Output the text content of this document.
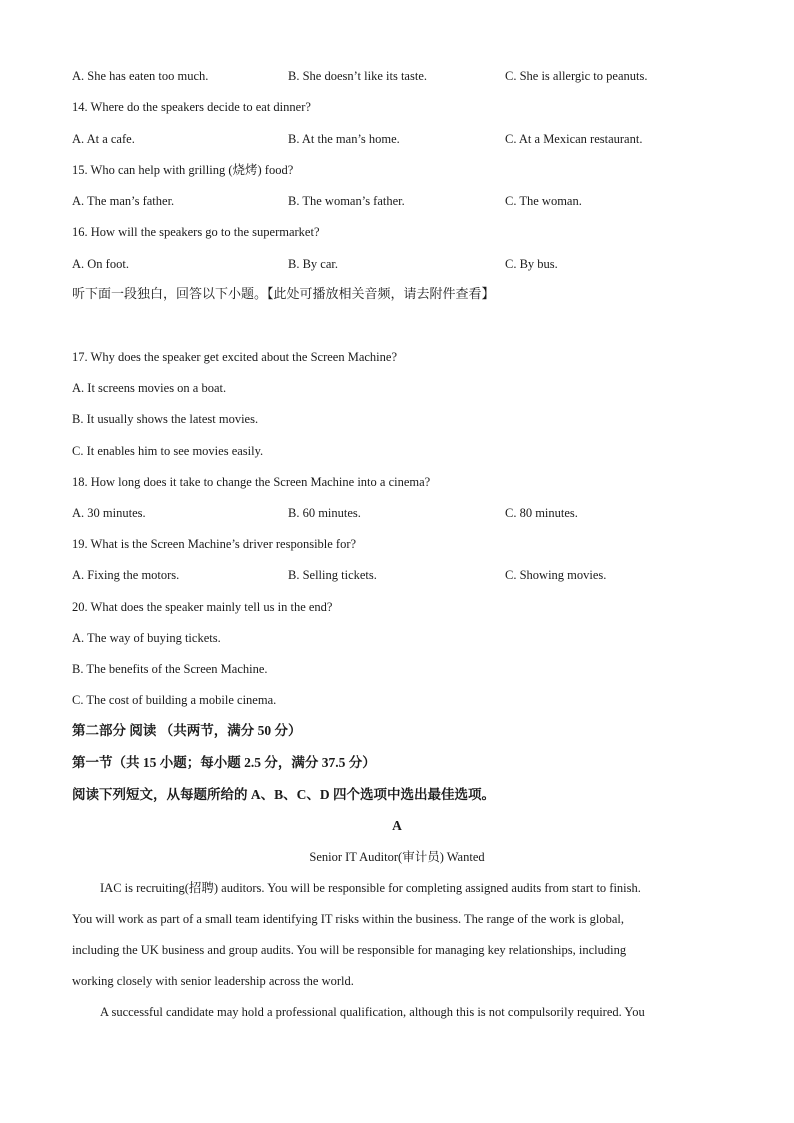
A. She has eaten too much.	B. She doesn’t like its taste.	C. She is allergic to peanuts.
14. Where do the speakers decide to eat dinner?
A. At a cafe.	B. At the man’s home.	C. At a Mexican restaurant.
15. Who can help with grilling (烧烤) food?
A. The man’s father.	B. The woman’s father.	C. The woman.
16. How will the speakers go to the supermarket?
A. On foot.	B. By car.	C. By bus.
听下面一段独白，回答以下小题。【此处可播放相关音频，请去附件查看】
17. Why does the speaker get excited about the Screen Machine?
A. It screens movies on a boat.
B. It usually shows the latest movies.
C. It enables him to see movies easily.
18. How long does it take to change the Screen Machine into a cinema?
A. 30 minutes.	B. 60 minutes.	C. 80 minutes.
19. What is the Screen Machine’s driver responsible for?
A. Fixing the motors.	B. Selling tickets.	C. Showing movies.
20. What does the speaker mainly tell us in the end?
A. The way of buying tickets.
B. The benefits of the Screen Machine.
C. The cost of building a mobile cinema.
第二部分 阅读 （共两节，满分 50 分）
第一节（共 15 小题；每小题 2.5 分，满分 37.5 分）
阅读下列短文，从每题所给的 A、B、C、D 四个选项中选出最佳选项。
A
Senior IT Auditor(审计员) Wanted
IAC is recruiting(招聘) auditors. You will be responsible for completing assigned audits from start to finish.
You will work as part of a small team identifying IT risks within the business. The range of the work is global,
including the UK business and group audits. You will be responsible for managing key relationships, including
working closely with senior leadership across the world.
A successful candidate may hold a professional qualification, although this is not compulsorily required. You
